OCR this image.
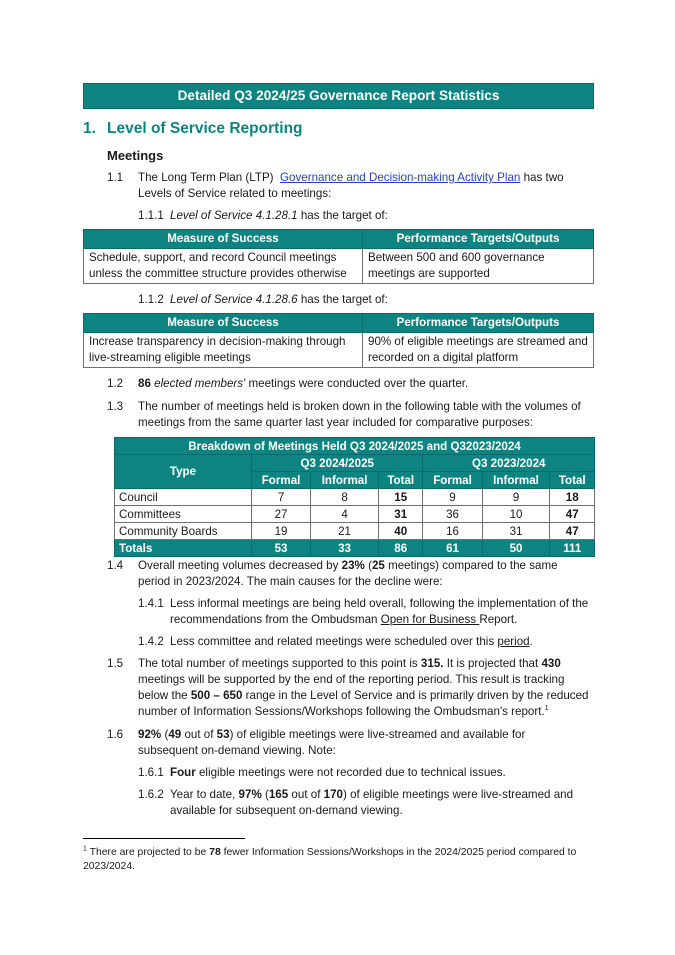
Detailed Q3 2024/25 Governance Report Statistics
1. Level of Service Reporting
Meetings
1.1 The Long Term Plan (LTP) Governance and Decision-making Activity Plan has two Levels of Service related to meetings:
1.1.1 Level of Service 4.1.28.1 has the target of:
Measure of Success	Performance Targets/Outputs
Schedule, support, and record Council meetings unless the committee structure provides otherwise	Between 500 and 600 governance meetings are supported
1.1.2 Level of Service 4.1.28.6 has the target of:
Measure of Success	Performance Targets/Outputs
Increase transparency in decision-making through live-streaming eligible meetings	90% of eligible meetings are streamed and recorded on a digital platform
1.2 86 elected members' meetings were conducted over the quarter.
1.3 The number of meetings held is broken down in the following table with the volumes of meetings from the same quarter last year included for comparative purposes:
Breakdown of Meetings Held Q3 2024/2025 and Q32023/2024						
Type	Q3 2024/2025			Q3 2023/2024		
	Formal	Informal	Total	Formal	Informal	Total
Council	7	8	15	9	9	18
Committees	27	4	31	36	10	47
Community Boards	19	21	40	16	31	47
Totals	53	33	86	61	50	111
1.4 Overall meeting volumes decreased by 23% (25 meetings) compared to the same period in 2023/2024. The main causes for the decline were:
1.4.1 Less informal meetings are being held overall, following the implementation of the recommendations from the Ombudsman Open for Business Report.
1.4.2 Less committee and related meetings were scheduled over this period.
1.5 The total number of meetings supported to this point is 315. It is projected that 430 meetings will be supported by the end of the reporting period. This result is tracking below the 500 – 650 range in the Level of Service and is primarily driven by the reduced number of Information Sessions/Workshops following the Ombudsman's report.$^1$
1.6 92% (49 out of 53) of eligible meetings were live-streamed and available for subsequent on-demand viewing. Note:
1.6.1 Four eligible meetings were not recorded due to technical issues.
1.6.2 Year to date, 97% (165 out of 170) of eligible meetings were live-streamed and available for subsequent on-demand viewing.
$^1$ There are projected to be 78 fewer Information Sessions/Workshops in the 2024/2025 period compared to 2023/2024.
